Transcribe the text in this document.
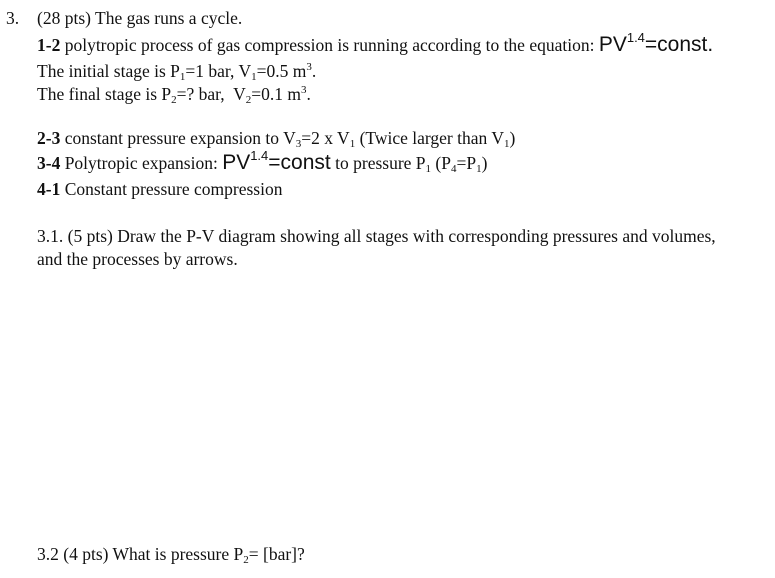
3. (28 pts) The gas runs a cycle.
1-2 polytropic process of gas compression is running according to the equation: $PV^{1.4}=const$.
The initial stage is $P_1=1$ bar, $V_1=0.5$ $m^3$.
The final stage is $P_2=$? bar,  $V_2=0.1$ $m^3$.
2-3 constant pressure expansion to $V_3=2$ x $V_1$ (Twice larger than $V_1$)
3-4 Polytropic expansion: $PV^{1.4}=const$ to pressure $P_1$ $(P_4=P_1)$
4-1 Constant pressure compression
3.1. (5 pts) Draw the P-V diagram showing all stages with corresponding pressures and volumes,
and the processes by arrows.
3.2 (4 pts) What is pressure $P_2= [bar]$?
